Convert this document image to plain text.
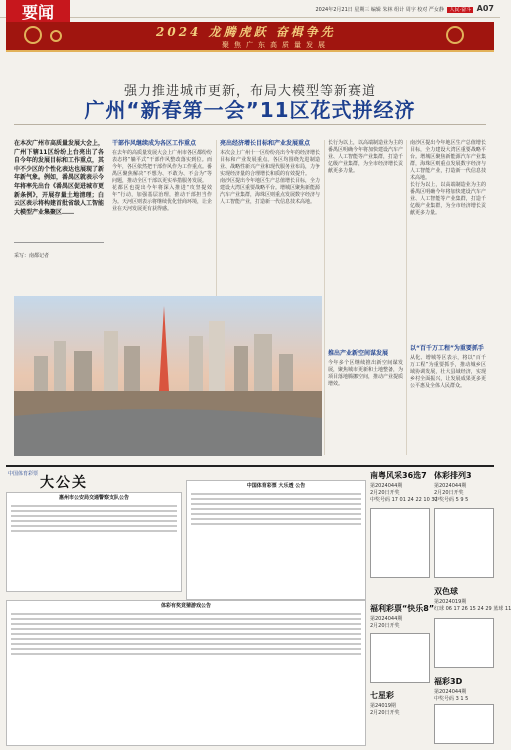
要闻	2024年2月21日 星期三 编辑 朱林 组计 周宇 校对 严女静 人民·奋斗 A07
2024 龙腾虎跃 奋楫争先
聚焦广东高质量发展
强力推进城市更新，布局大模型等新赛道
广州“新春第一会”11区花式拼经济
在本次广州市高质量发展大会上，广州下辖11区纷纷上台亮出了各自今年的发展目标和工作重点，其中不少区的个性化表达也展现了新年新气象。例如，番禺区就表示今年将率先出台《番禺区促进城市更新条例》，开展存量土地清理；白云区表示将构建首批省级人工智能大模型产业集聚区……
采写：南都记者
干部作风继续成为各区工作重点

在去年的高质量发展大会上广州市各区都纷纷表态将“躺平式”干部作风整改落实到位。而今年，各区依然把干部作风作为工作重点。番禺区聚焦解决“不想为、不敢为、不会为”等问题，推动全区干部以更实举措服务发展。

花都区也提出今年将深入推进“攻坚提效年”行动，加强基层治理，推动干部担当作为。天河区则表示将继续优化营商环境，让企业在天河发展更有获得感。

亮出经济增长目标和产业发展重点

本次会上广州十一区纷纷亮出今年的经济增长目标和产业发展重点。各区均围绕先进制造业、战略性新兴产业和现代服务业布局，力争实现经济量的合理增长和质的有效提升。

南沙区提出今年地区生产总值增长目标，全力建设大湾区重要战略平台。增城区聚焦新能源汽车产业集群，海珠区则重点发展数字经济与人工智能产业，打造新一代信息技术高地。

长行为以上，以高端制造业为主的番禺区明确今年将加快建设汽车产业、人工智能等产业集群，打造千亿级产业集群，为全市经济增长贡献更多力量。

推出产业新空间谋发展

今年多个区继续推出新空间谋发展，聚焦城市更新和土地整备，为项目落地腾挪空间，推动产业提质增效。

南沙区提出今年地区生产总值增长目标，全力建设大湾区重要战略平台。增城区聚焦新能源汽车产业集群，海珠区则重点发展数字经济与人工智能产业，打造新一代信息技术高地。

长行为以上，以高端制造业为主的番禺区明确今年将加快建设汽车产业、人工智能等产业集群，打造千亿级产业集群，为全市经济增长贡献更多力量。

以“百千万工程”为重要抓手

从化、增城等区表示，将以“百千万工程”为重要抓手，推动城乡区域协调发展，壮大县域经济，实现乡村全面振兴，让发展成果更多更公平惠及全体人民群众。

中国体育彩票
大公关
惠州市公安局交通警察支队公告
中国体育彩票 大乐透 公告
体彩有奖竞猜游戏公告
南粤风采36选7
第2024044期
2月20日开奖
中奖号码 17 01 24 22 10 32
体彩排列3
第2024044期
2月20日开奖
中奖号码 5 9 5
双色球
第2024019期
红球 06 17 26 15 24 29 蓝球 11
福利彩票“快乐8”
第2024044期
2月20日开奖
七星彩
第24019期
2月20日开奖
福彩3D
第2024044期
中奖号码 3 1 5
